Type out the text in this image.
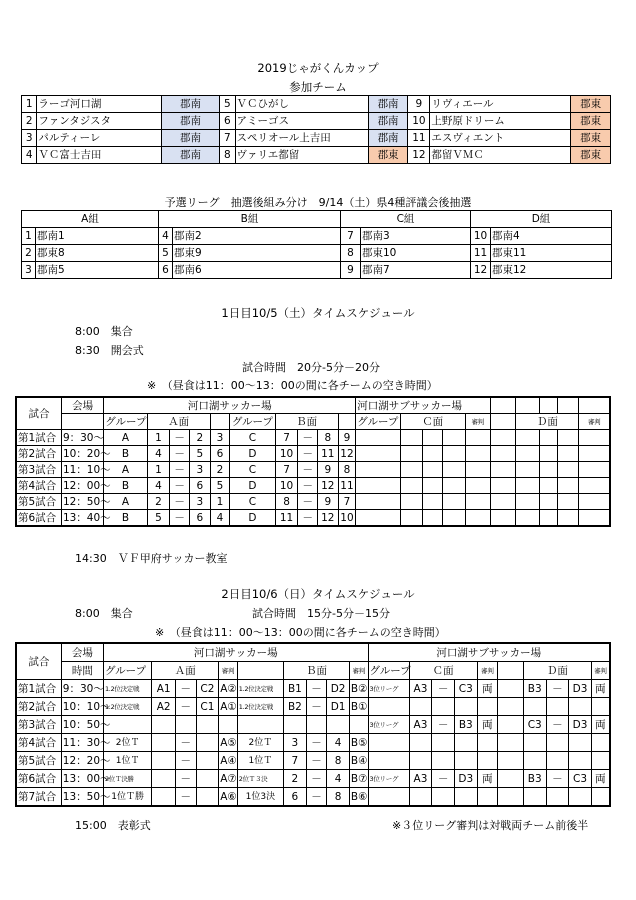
2019じゃがくんカップ
参加チーム
1	ラーゴ河口湖	郡南	5	ＶＣひがし	郡南	9	リヴィエール	郡東
2	ファンタジスタ	郡南	6	アミーゴス	郡南	10	上野原ドリーム	郡東
3	パルティーレ	郡南	7	スペリオール上吉田	郡南	11	エスヴィエント	郡東
4	ＶＣ富士吉田	郡南	8	ヴァリエ都留	郡東	12	都留ＶＭＣ	郡東
予選リーグ　抽選後組み分け　9/14（土）県4種評議会後抽選
A組		B組		C組		D組	
1	郡南1	4	郡南2	7	郡南3	10	郡南4
2	郡東8	5	郡東9	8	郡東10	11	郡東11
3	郡南5	6	郡南6	9	郡南7	12	郡東12
1日目10/5（土）タイムスケジュール
8:00　集合
8:30　開会式
試合時間　20分-5分－20分
※　（昼食は11：00～13：00の間に各チームの空き時間）
試合	会場	河口湖サッカー場										河口湖サブサッカー場									
		グループ	Ａ面				グループ	Ｂ面				グループ	Ｃ面			審判		Ｄ面			審判
第1試合	9：30～	A	1	－	2	3	C	7	－	8	9										
第2試合	10：20～	B	4	－	5	6	D	10	－	11	12										
第3試合	11：10～	A	1	－	3	2	C	7	－	9	8										
第4試合	12：00～	B	4	－	6	5	D	10	－	12	11										
第5試合	12：50～	A	2	－	3	1	C	8	－	9	7										
第6試合	13：40～	B	5	－	6	4	D	11	－	12	10										
14:30　ＶＦ甲府サッカー教室
2日目10/6（日）タイムスケジュール
8:00　集合	試合時間　15分-5分－15分
※　（昼食は11：00～13：00の間に各チームの空き時間）
試合	会場	河口湖サッカー場										河口湖サブサッカー場									
	時間	グループ	Ａ面			審判		Ｂ面			審判	グループ	Ｃ面			審判		Ｄ面			審判
第1試合	9：30～	1.2位決定戦	A1	－	C2	A②	1.2位決定戦	B1	－	D2	B②	3位リーグ	A3	－	C3	両		B3	－	D3	両
第2試合	10：10～	1.2位決定戦	A2	－	C1	A①	1.2位決定戦	B2	－	D1	B①										
第3試合	10：50～											3位リーグ	A3	－	B3	両		C3	－	D3	両
第4試合	11：30～	2位Ｔ		－		A⑤	2位Ｔ	3	－	4	B⑤										
第5試合	12：20～	1位Ｔ		－		A④	1位Ｔ	7	－	8	B④										
第6試合	13：00～	2位Ｔ決勝		－		A⑦	2位Ｔ３決	2	－	4	B⑦	3位リーグ	A3	－	D3	両		B3	－	C3	両
第7試合	13：50～	1位Ｔ勝		－		A⑥	1位3決	6	－	8	B⑥										
15:00　表彰式	※３位リーグ審判は対戦両チーム前後半
